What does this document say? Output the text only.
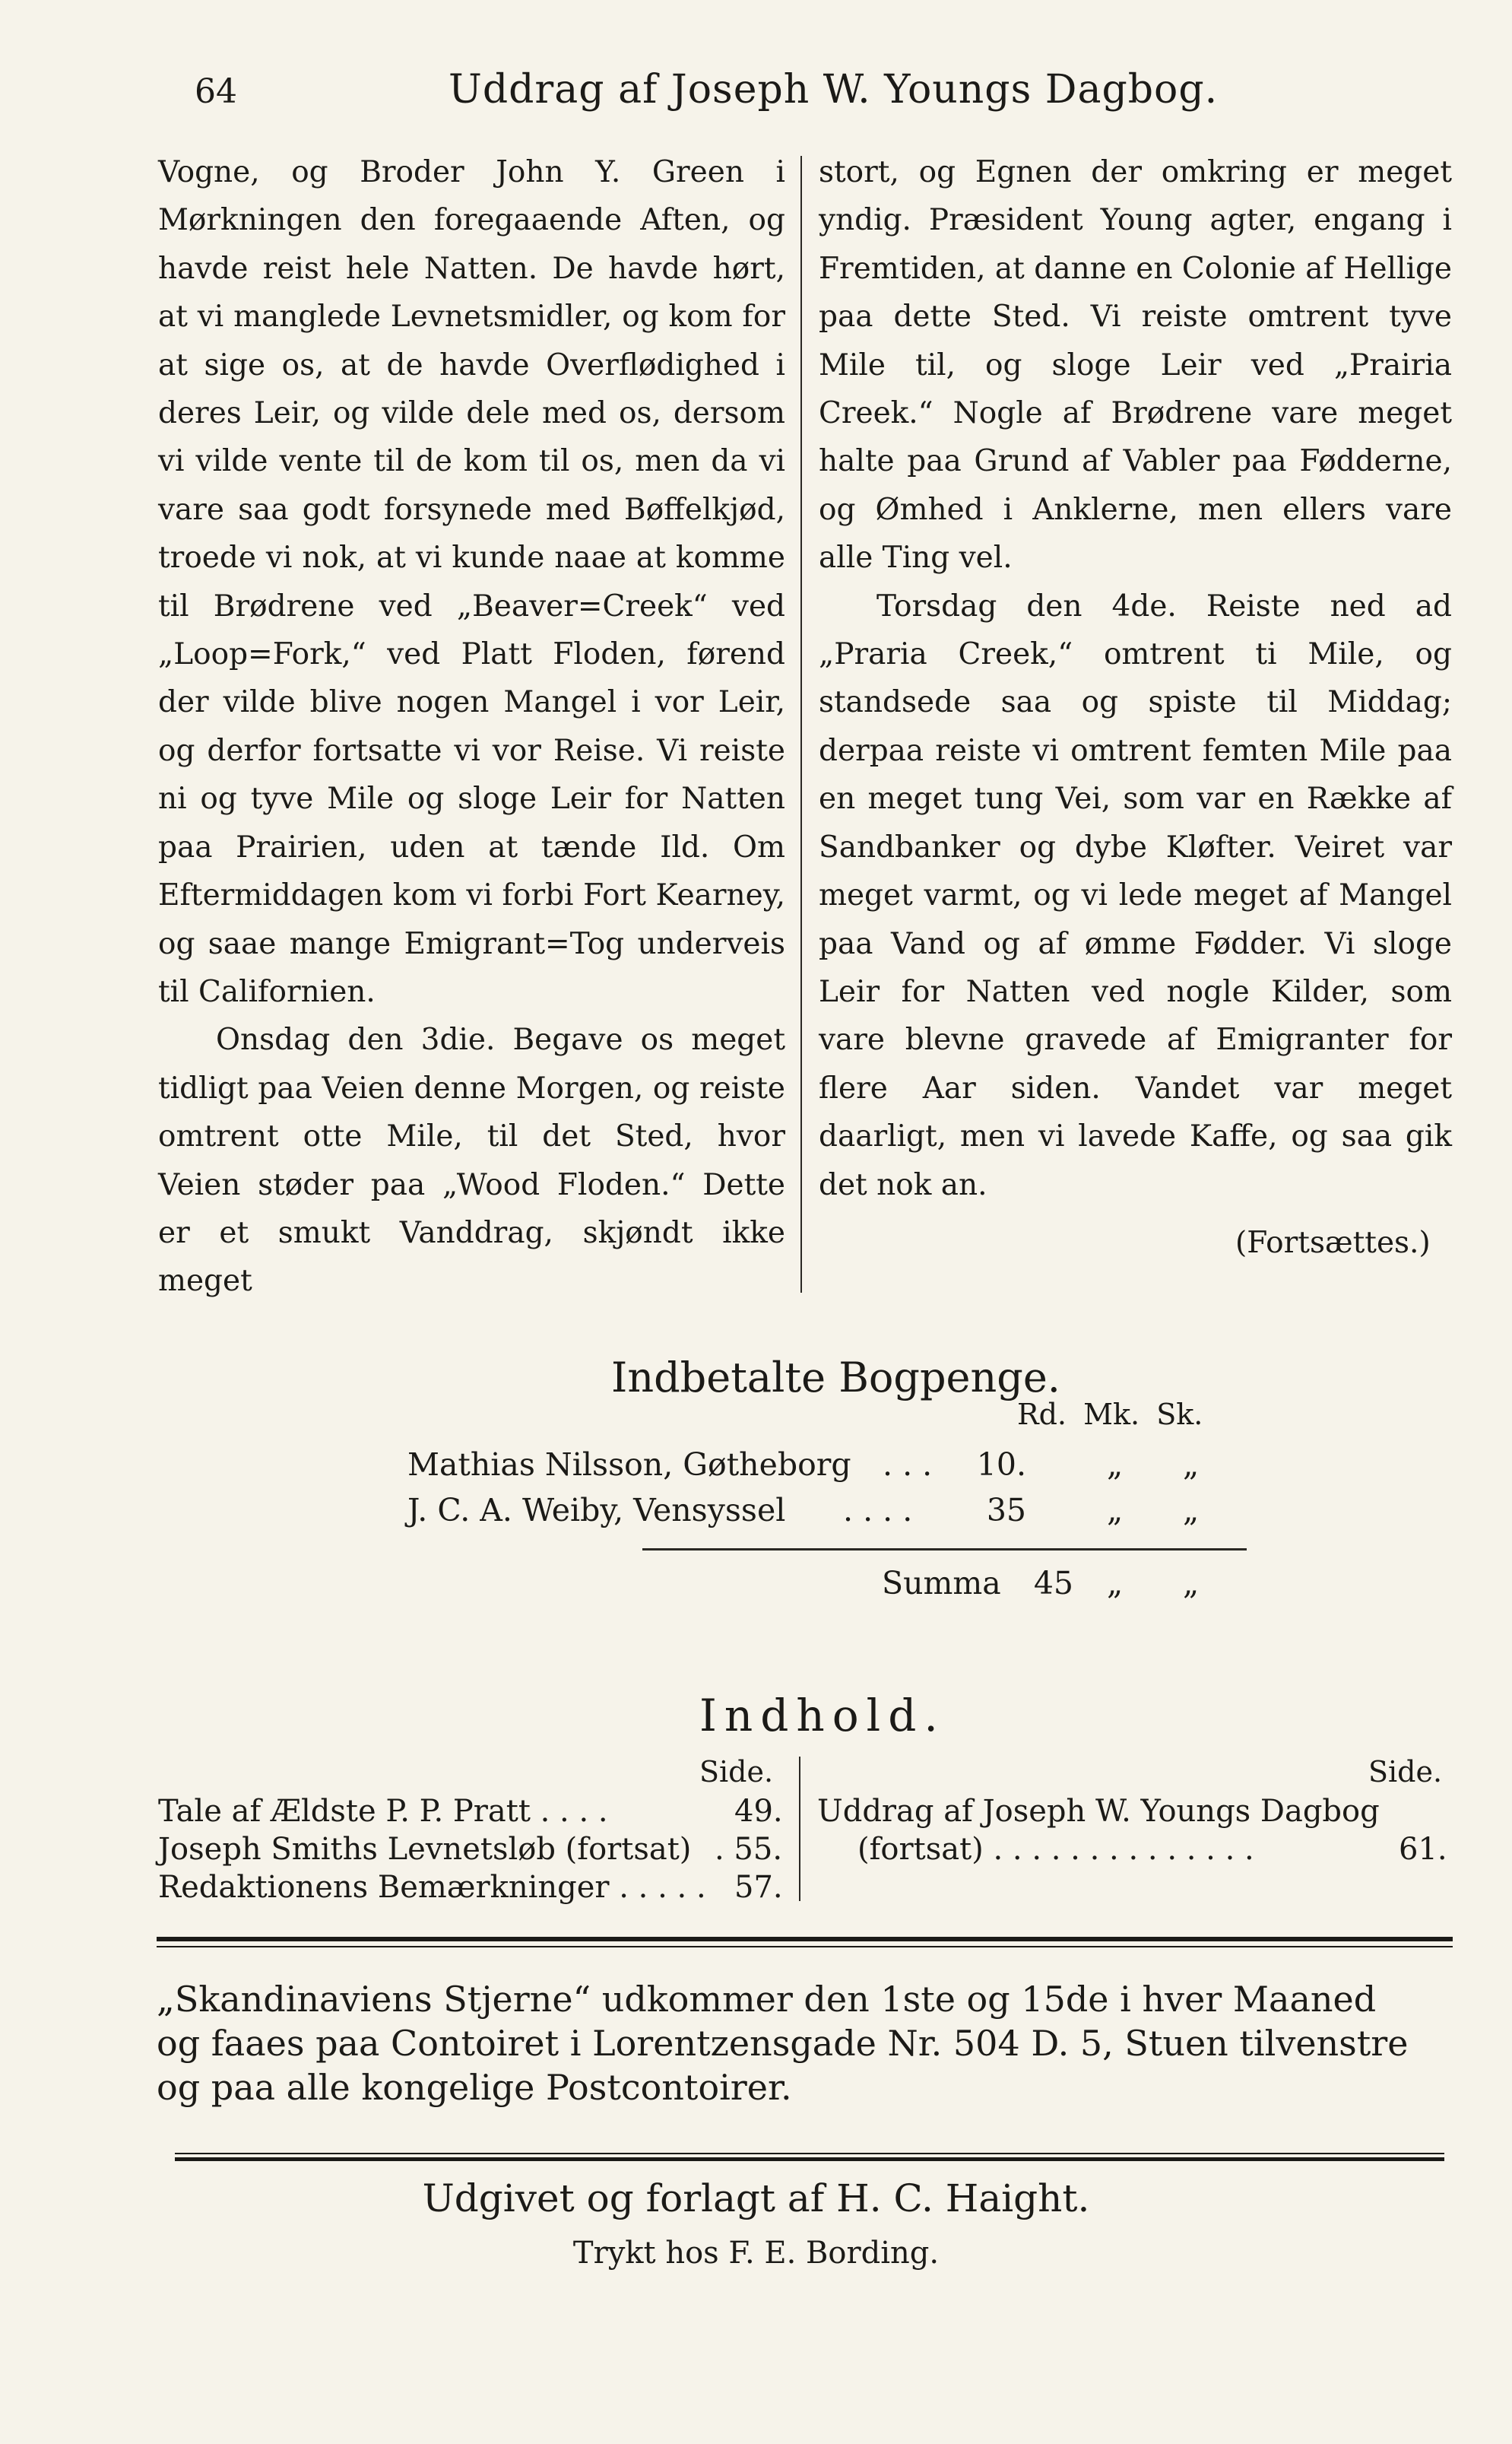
64	Uddrag af Joseph W. Youngs Dagbog.

Vogne, og Broder John Y. Green i Mørkningen den foregaaende Aften, og havde reist hele Natten. De havde hørt, at vi manglede Levnetsmidler, og kom for at sige os, at de havde Overflødighed i deres Leir, og vilde dele med os, dersom vi vilde vente til de kom til os, men da vi vare saa godt forsynede med Bøffelkjød, troede vi nok, at vi kunde naae at komme til Brødrene ved „Beaver=Creek“ ved „Loop=Fork,“ ved Platt Floden, førend der vilde blive nogen Mangel i vor Leir, og derfor fortsatte vi vor Reise. Vi reiste ni og tyve Mile og sloge Leir for Natten paa Prairien, uden at tænde Ild. Om Eftermiddagen kom vi forbi Fort Kearney, og saae mange Emigrant=Tog underveis til Californien.

Onsdag den 3die. Begave os meget tidligt paa Veien denne Morgen, og reiste omtrent otte Mile, til det Sted, hvor Veien støder paa „Wood Floden.“ Dette er et smukt Vanddrag, skjøndt ikke meget

stort, og Egnen der omkring er meget yndig. Præsident Young agter, engang i Fremtiden, at danne en Colonie af Hellige paa dette Sted. Vi reiste omtrent tyve Mile til, og sloge Leir ved „Prairia Creek.“ Nogle af Brødrene vare meget halte paa Grund af Vabler paa Fødderne, og Ømhed i Anklerne, men ellers vare alle Ting vel.

Torsdag den 4de. Reiste ned ad „Praria Creek,“ omtrent ti Mile, og standsede saa og spiste til Middag; derpaa reiste vi omtrent femten Mile paa en meget tung Vei, som var en Række af Sandbanker og dybe Kløfter. Veiret var meget varmt, og vi lede meget af Mangel paa Vand og af ømme Fødder. Vi sloge Leir for Natten ved nogle Kilder, som vare blevne gravede af Emigranter for flere Aar siden. Vandet var meget daarligt, men vi lavede Kaffe, og saa gik det nok an.

(Fortsættes.)
Indbetalte Bogpenge.
Rd. Mk. Sk.
Mathias Nilsson, Gøtheborg . . .	10.	„ „
J. C. A. Weiby, Vensyssel . . . .	35	„ „
Summa 45 „ „
Indhold.
Side.	Side.
Tale af Ældste P. P. Pratt . . . .	49.
Joseph Smiths Levnetsløb (fortsat) . 55.
Redaktionens Bemærkninger . . . . . 57.
Uddrag af Joseph W. Youngs Dagbog
(fortsat) . . . . . . . . . . . . . .	61.
„Skandinaviens Stjerne“ udkommer den 1ste og 15de i hver Maaned
og faaes paa Contoiret i Lorentzensgade Nr. 504 D. 5, Stuen tilvenstre
og paa alle kongelige Postcontoirer.
Udgivet og forlagt af H. C. Haight.
Trykt hos F. E. Bording.
